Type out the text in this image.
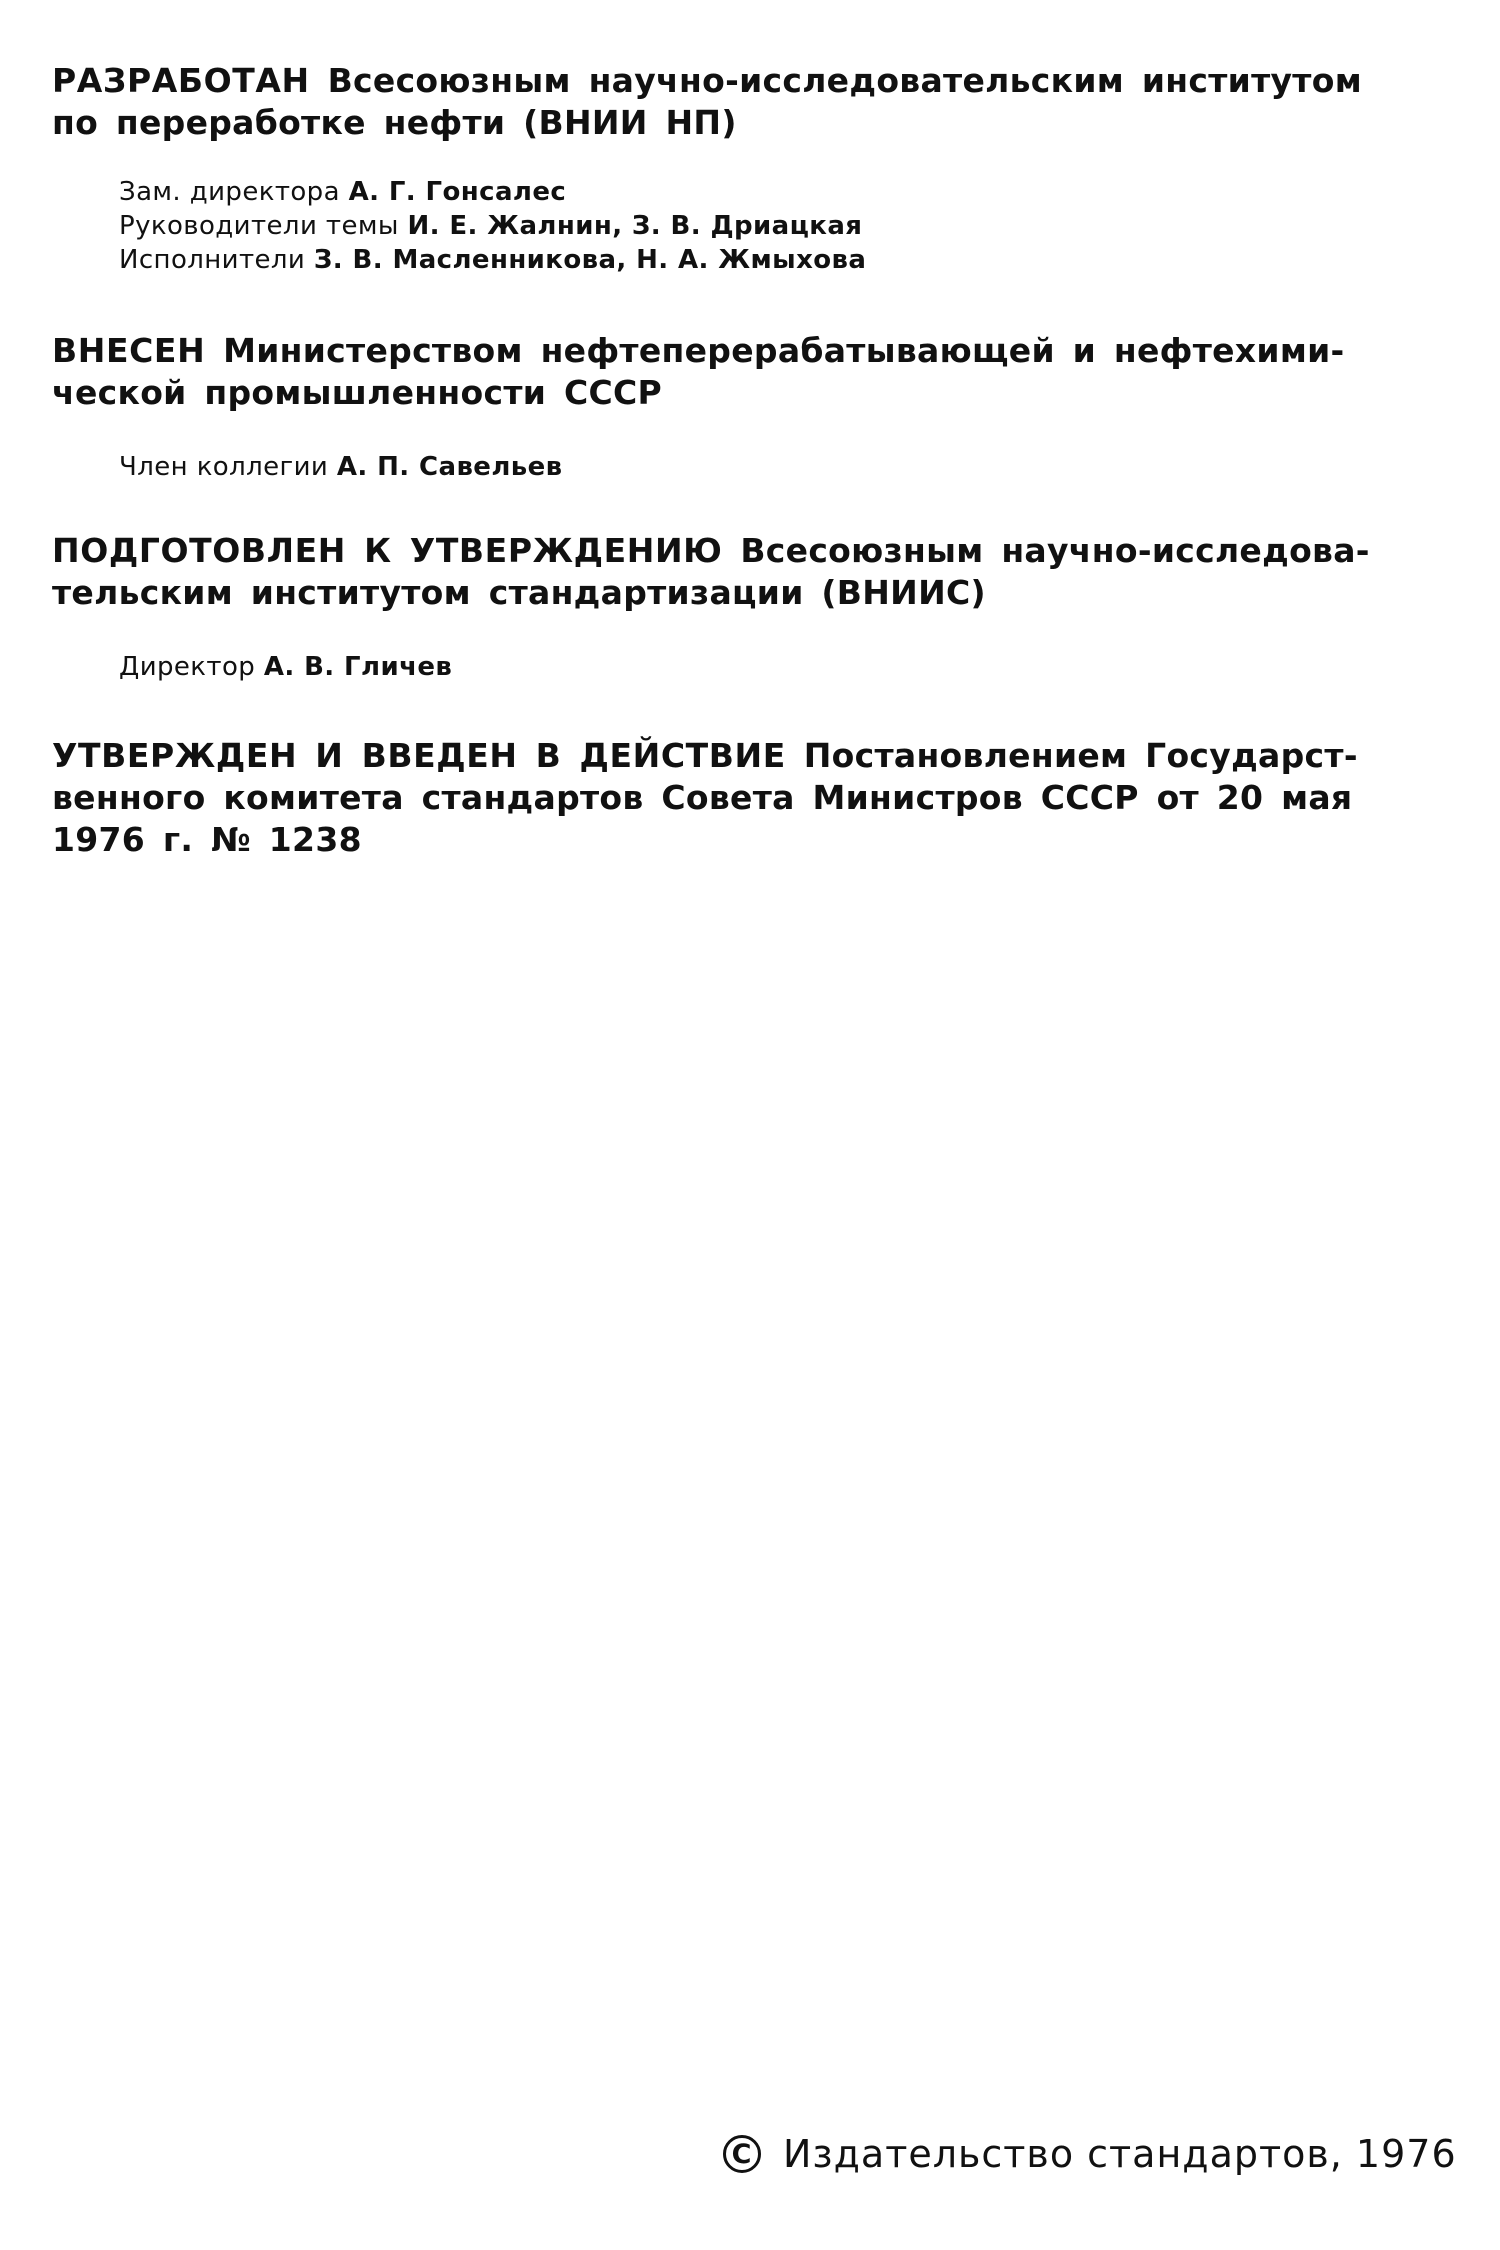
РАЗРАБОТАН Всесоюзным научно-исследовательским институтом
по переработке нефти (ВНИИ НП)
Зам. директора А. Г. Гонсалес
Руководители темы И. Е. Жалнин, З. В. Дриацкая
Исполнители З. В. Масленникова, Н. А. Жмыхова
ВНЕСЕН Министерством нефтеперерабатывающей и нефтехими-
ческой промышленности СССР
Член коллегии А. П. Савельев
ПОДГОТОВЛЕН К УТВЕРЖДЕНИЮ Всесоюзным научно-исследова-
тельским институтом стандартизации (ВНИИС)
Директор А. В. Гличев
УТВЕРЖДЕН И ВВЕДЕН В ДЕЙСТВИЕ Постановлением Государст-
венного комитета стандартов Совета Министров СССР от 20 мая
1976 г. № 1238
C Издательство стандартов, 1976
